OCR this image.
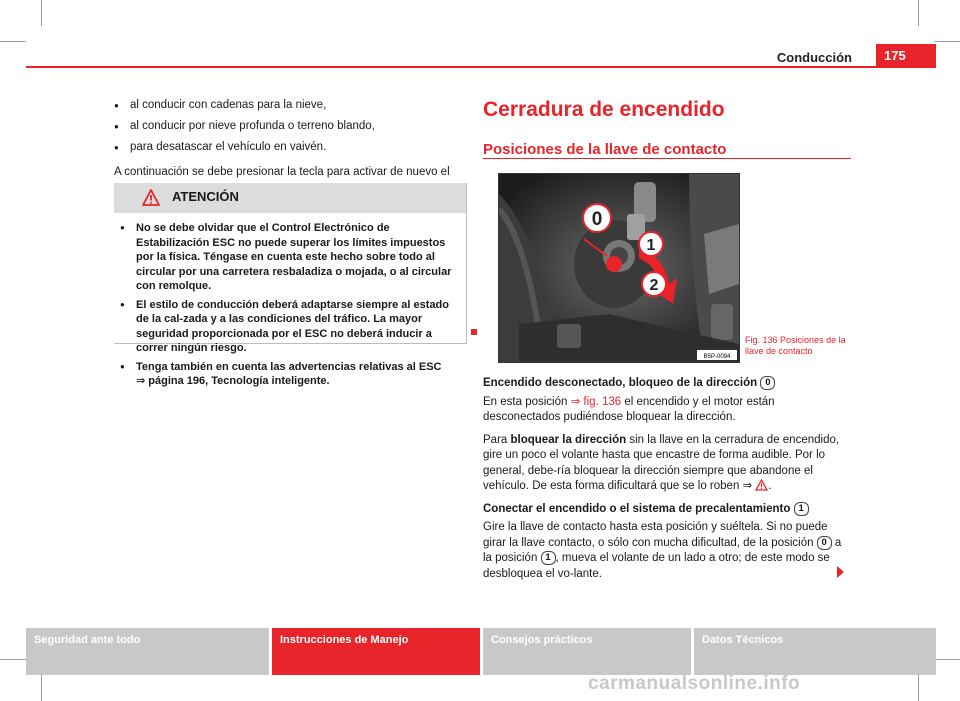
Conducción	175
● al conducir con cadenas para la nieve,
● al conducir por nieve profunda o terreno blando,
● para desatascar el vehículo en vaivén.
A continuación se debe presionar la tecla para activar de nuevo el
ATENCIÓN
● No se debe olvidar que el Control Electrónico de Estabilización ESC no puede superar los límites impuestos por la física. Téngase en cuenta este hecho sobre todo al circular por una carretera resbaladiza o mojada, o al circular con remolque.
● El estilo de conducción deberá adaptarse siempre al estado de la cal-zada y a las condiciones del tráfico. La mayor seguridad proporcionada por el ESC no deberá inducir a correr ningún riesgo.
● Tenga también en cuenta las advertencias relativas al ESC
⇒ página 196, Tecnología inteligente.
Cerradura de encendido
Posiciones de la llave de contacto
0
1
2
B5P-0094
Fig. 136 Posiciones de la llave de contacto
Encendido desconectado, bloqueo de la dirección 0
En esta posición ⇒ fig. 136 el encendido y el motor están desconectados pudiéndose bloquear la dirección.
Para bloquear la dirección sin la llave en la cerradura de encendido, gire un poco el volante hasta que encastre de forma audible. Por lo general, debe-ría bloquear la dirección siempre que abandone el vehículo. De esta forma dificultará que se lo roben ⇒ .
Conectar el encendido o el sistema de precalentamiento 1
Gire la llave de contacto hasta esta posición y suéltela. Si no puede girar la llave contacto, o sólo con mucha dificultad, de la posición 0 a la posición 1 , mueva el volante de un lado a otro; de este modo se desbloquea el vo-lante.
Seguridad ante todo	Instrucciones de Manejo	Consejos prácticos	Datos Técnicos
carmanualsonline.info
